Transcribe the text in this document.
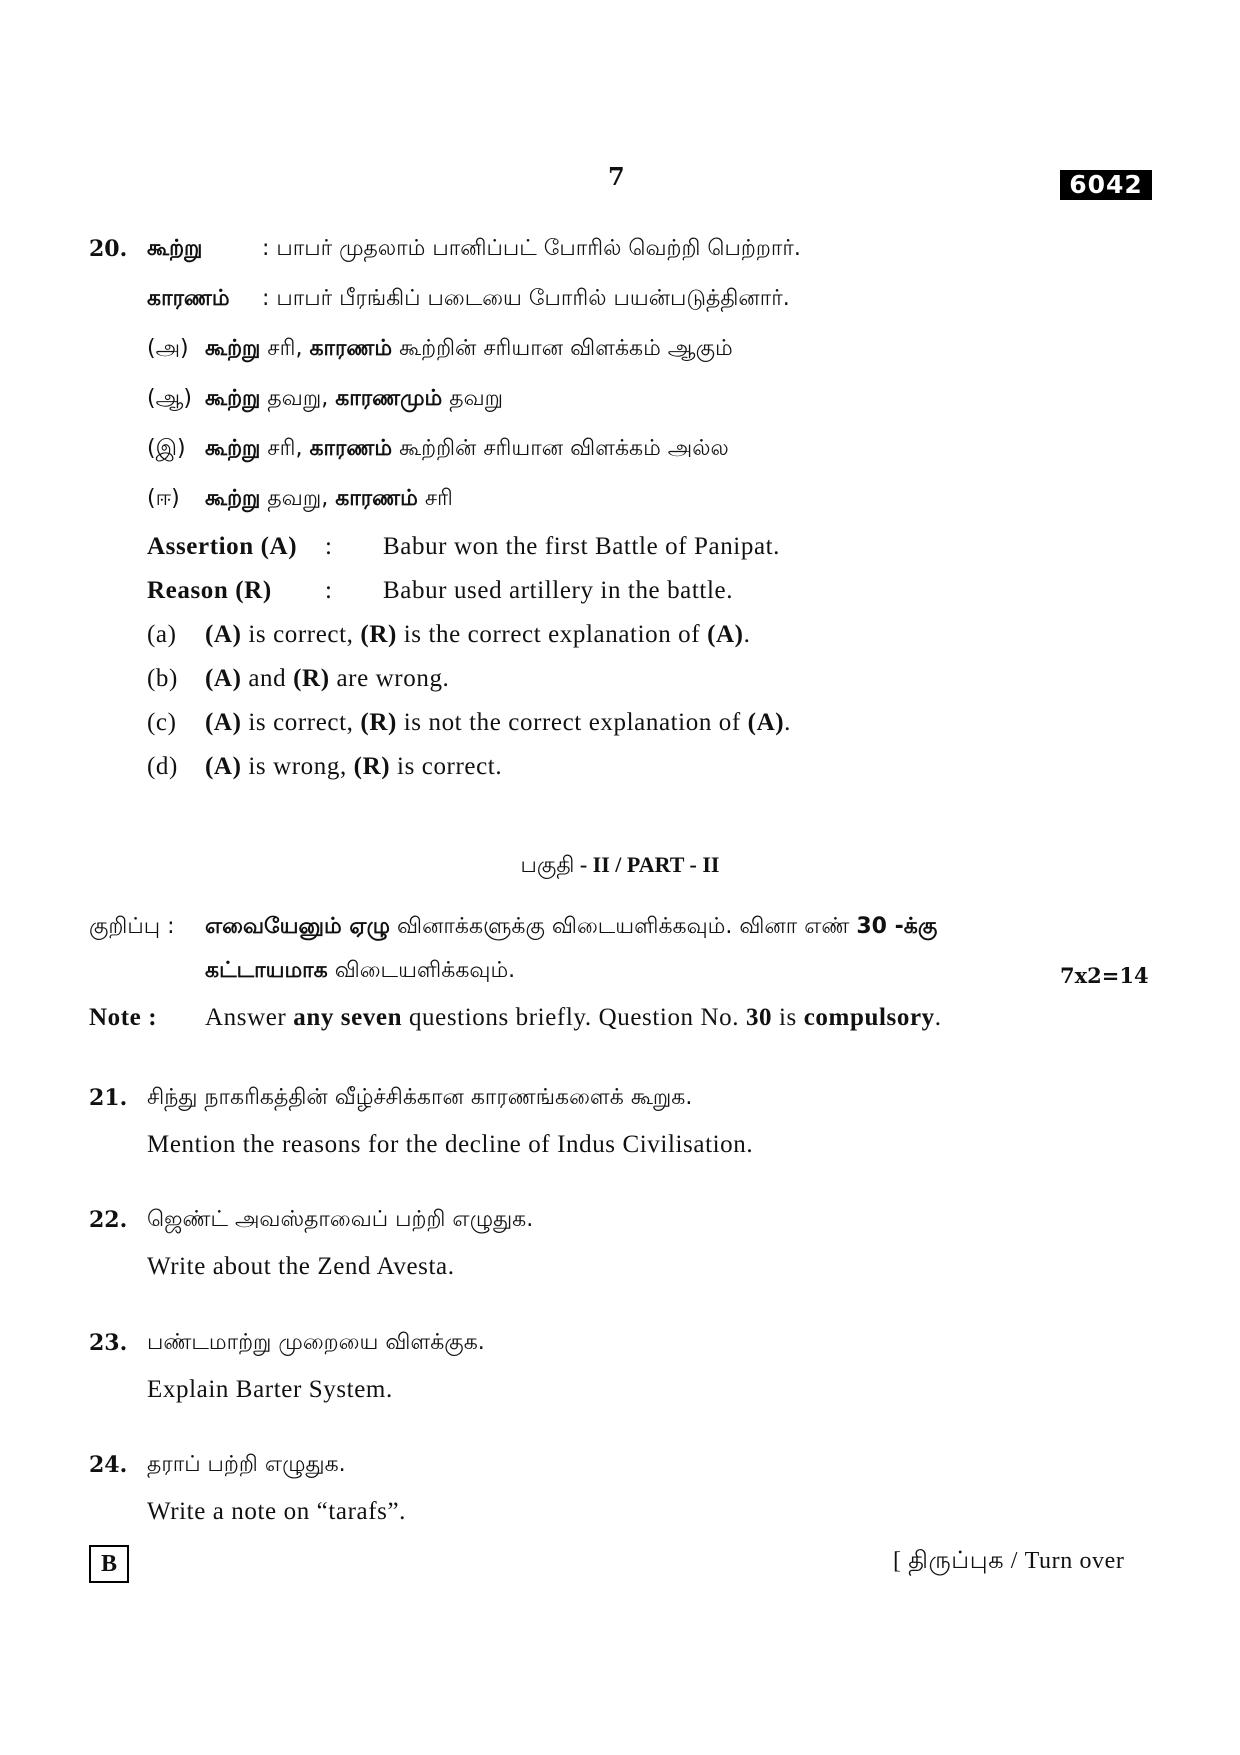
7	6042
20. கூற்று	: பாபர் முதலாம் பானிப்பட் போரில் வெற்றி பெற்றார்.
காரணம் : பாபர் பீரங்கிப் படையை போரில் பயன்படுத்தினார்.
(அ) கூற்று சரி, காரணம் கூற்றின் சரியான விளக்கம் ஆகும்
(ஆ) கூற்று தவறு, காரணமும் தவறு
(இ) கூற்று சரி, காரணம் கூற்றின் சரியான விளக்கம் அல்ல
(ஈ) கூற்று தவறு, காரணம் சரி
Assertion (A) : Babur won the first Battle of Panipat.
Reason (R) : Babur used artillery in the battle.
(a) (A) is correct, (R) is the correct explanation of (A).
(b) (A) and (R) are wrong.
(c) (A) is correct, (R) is not the correct explanation of (A).
(d) (A) is wrong, (R) is correct.
பகுதி - II / PART - II
குறிப்பு : எவையேனும் ஏழு வினாக்களுக்கு விடையளிக்கவும். வினா எண் 30 -க்கு
கட்டாயமாக விடையளிக்கவும்.	7x2=14
Note : Answer any seven questions briefly. Question No. 30 is compulsory.
21. சிந்து நாகரிகத்தின் வீழ்ச்சிக்கான காரணங்களைக் கூறுக.
Mention the reasons for the decline of Indus Civilisation.
22. ஜெண்ட் அவஸ்தாவைப் பற்றி எழுதுக.
Write about the Zend Avesta.
23. பண்டமாற்று முறையை விளக்குக.
Explain Barter System.
24. தராப் பற்றி எழுதுக.
Write a note on “tarafs”.
B	[ திருப்புக / Turn over
